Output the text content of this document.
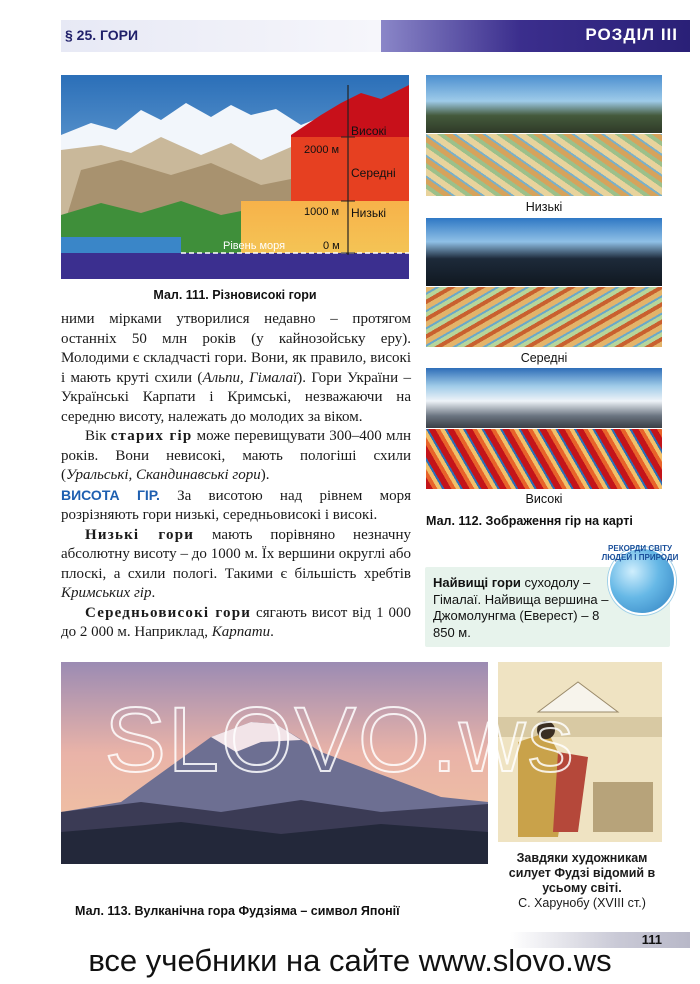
§ 25. ГОРИ	РОЗДІЛ III
Високі
Середні
Низькі
2000 м
1000 м
0 м
Рівень моря
Мал. 111. Різновисокі гори
Низькі
Середні
Високі
Мал. 112. Зображення гір на карті

ними мірками утворилися недавно – протягом останніх 50 млн років (у кайнозойську еру). Молодими є складчасті гори. Вони, як правило, високі і мають круті схили (Альпи, Гімалаї). Гори України – Українські Карпати і Кримські, незважаючи на середню висоту, належать до молодих за віком.

Вік старих гір може перевищувати 300–400 млн років. Вони невисокі, мають пологіші схили (Уральські, Скандинавські гори).

ВИСОТА ГІР. За висотою над рівнем моря розрізняють гори низькі, середньовисокі і високі.

Низькі гори мають порівняно незначну абсолютну висоту – до 1000 м. Їх вершини округлі або плоскі, а схили пологі. Такими є більшість хребтів Кримських гір.

Середньовисокі гори сягають висот від 1 000 до 2 000 м. Наприклад, Карпати.

РЕКОРДИ СВІТУ ЛЮДЕЙ І ПРИРОДИ
Найвищі гори суходолу – Гімалаї. Найвища вершина – Джомолунгма (Еверест) – 8 850 м.
Мал. 113. Вулканічна гора Фудзіяма – символ Японії
Завдяки художникам силует Фудзі відомий в усьому світі.
С. Харунобу (XVIII ст.)
SLOVO.ws
111
все учебники на сайте www.slovo.ws
